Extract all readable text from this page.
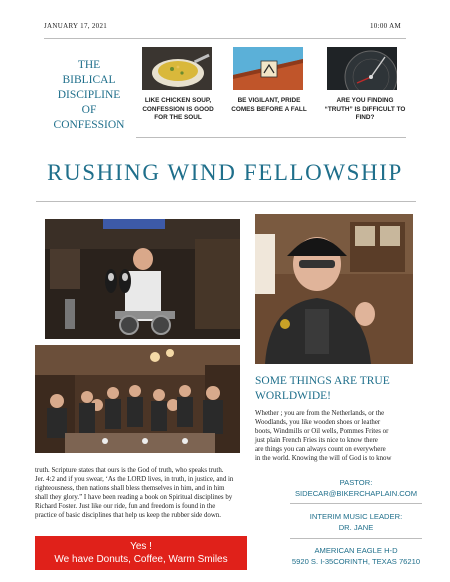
JANUARY 17, 2021	10:00 AM
THE
BIBLICAL
DISCIPLINE
OF
CONFESSION
LIKE CHICKEN SOUP, CONFESSION IS GOOD FOR THE SOUL
BE VIGILANT, PRIDE COMES BEFORE A FALL
ARE YOU FINDING “TRUTH” IS DIFFICULT TO FIND?
RUSHING WIND FELLOWSHIP
SOME THINGS ARE TRUE
WORLDWIDE!
Whether ; you are from the Netherlands, or the
Woodlands, you like wooden shoes or leather
boots, Windmills or Oil wells, Pommes Frites or
just plain French Fries its nice to know there
are things you can always count on everywhere
in the world. Knowing the will of God is to know
truth. Scripture states that ours is the God of truth, who speaks truth.
Jer. 4:2 and if you swear, ‘As the LORD lives, in truth, in justice, and in
righteousness, then nations shall bless themselves in him, and in him
shall they glory.” I have been reading a book on Spiritual disciplines by
Richard Foster. Just like our ride, fun and freedom is found in the
practice of basic disciplines that help us keep the rubber side down.
PASTOR:
SIDECAR@BIKERCHAPLAIN.COM
INTERIM MUSIC LEADER:
DR. JANE
AMERICAN EAGLE H-D
5920 S. I-35CORINTH, TEXAS 76210
Yes !
We have Donuts, Coffee, Warm Smiles
